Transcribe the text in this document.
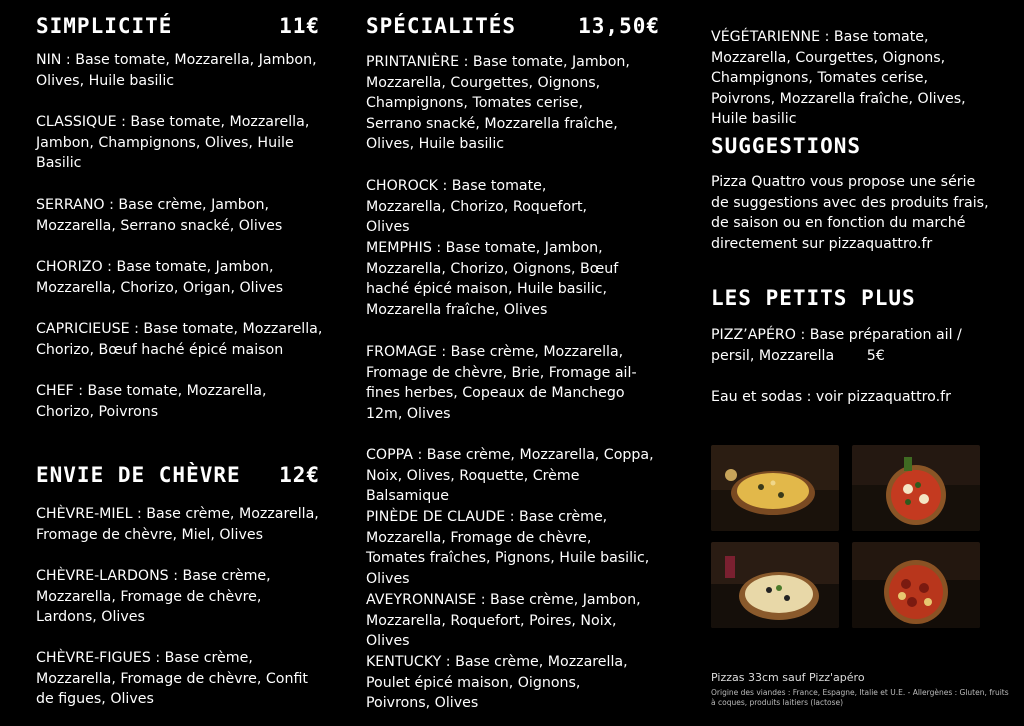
SIMPLICITÉ	11€

NIN : Base tomate, Mozzarella, Jambon, Olives, Huile basilic

CLASSIQUE : Base tomate, Mozzarella, Jambon, Champignons, Olives, Huile Basilic

SERRANO : Base crème, Jambon, Mozzarella, Serrano snacké, Olives

CHORIZO : Base tomate, Jambon, Mozzarella, Chorizo, Origan, Olives

CAPRICIEUSE : Base tomate, Mozzarella, Chorizo, Bœuf haché épicé maison

CHEF : Base tomate, Mozzarella, Chorizo, Poivrons

ENVIE DE CHÈVRE 12€

CHÈVRE-MIEL : Base crème, Mozzarella, Fromage de chèvre, Miel, Olives

CHÈVRE-LARDONS : Base crème, Mozzarella, Fromage de chèvre, Lardons, Olives

CHÈVRE-FIGUES : Base crème, Mozzarella, Fromage de chèvre, Confit de figues, Olives

SPÉCIALITÉS	13,50€

PRINTANIÈRE : Base tomate, Jambon, Mozzarella, Courgettes, Oignons, Champignons, Tomates cerise, Serrano snacké, Mozzarella fraîche, Olives, Huile basilic

CHOROCK : Base tomate, Mozzarella, Chorizo, Roquefort, Olives

MEMPHIS : Base tomate, Jambon, Mozzarella, Chorizo, Oignons, Bœuf haché épicé maison, Huile basilic, Mozzarella fraîche, Olives

FROMAGE : Base crème, Mozzarella, Fromage de chèvre, Brie, Fromage ail-fines herbes, Copeaux de Manchego 12m, Olives

COPPA : Base crème, Mozzarella, Coppa, Noix, Olives, Roquette, Crème Balsamique

PINÈDE DE CLAUDE : Base crème, Mozzarella, Fromage de chèvre, Tomates fraîches, Pignons, Huile basilic, Olives

AVEYRONNAISE : Base crème, Jambon, Mozzarella, Roquefort, Poires, Noix, Olives

KENTUCKY : Base crème, Mozzarella, Poulet épicé maison, Oignons, Poivrons, Olives

VÉGÉTARIENNE : Base tomate, Mozzarella, Courgettes, Oignons, Champignons, Tomates cerise, Poivrons, Mozzarella fraîche, Olives, Huile basilic

SUGGESTIONS

Pizza Quattro vous propose une série de suggestions avec des produits frais, de saison ou en fonction du marché directement sur pizzaquattro.fr

LES PETITS PLUS

PIZZ’APÉRO : Base préparation ail / persil, Mozzarella 5€

Eau et sodas : voir pizzaquattro.fr

Pizzas 33cm sauf Pizz'apéro
Origine des viandes : France, Espagne, Italie et U.E. - Allergènes : Gluten, fruits à coques, produits laitiers (lactose)
